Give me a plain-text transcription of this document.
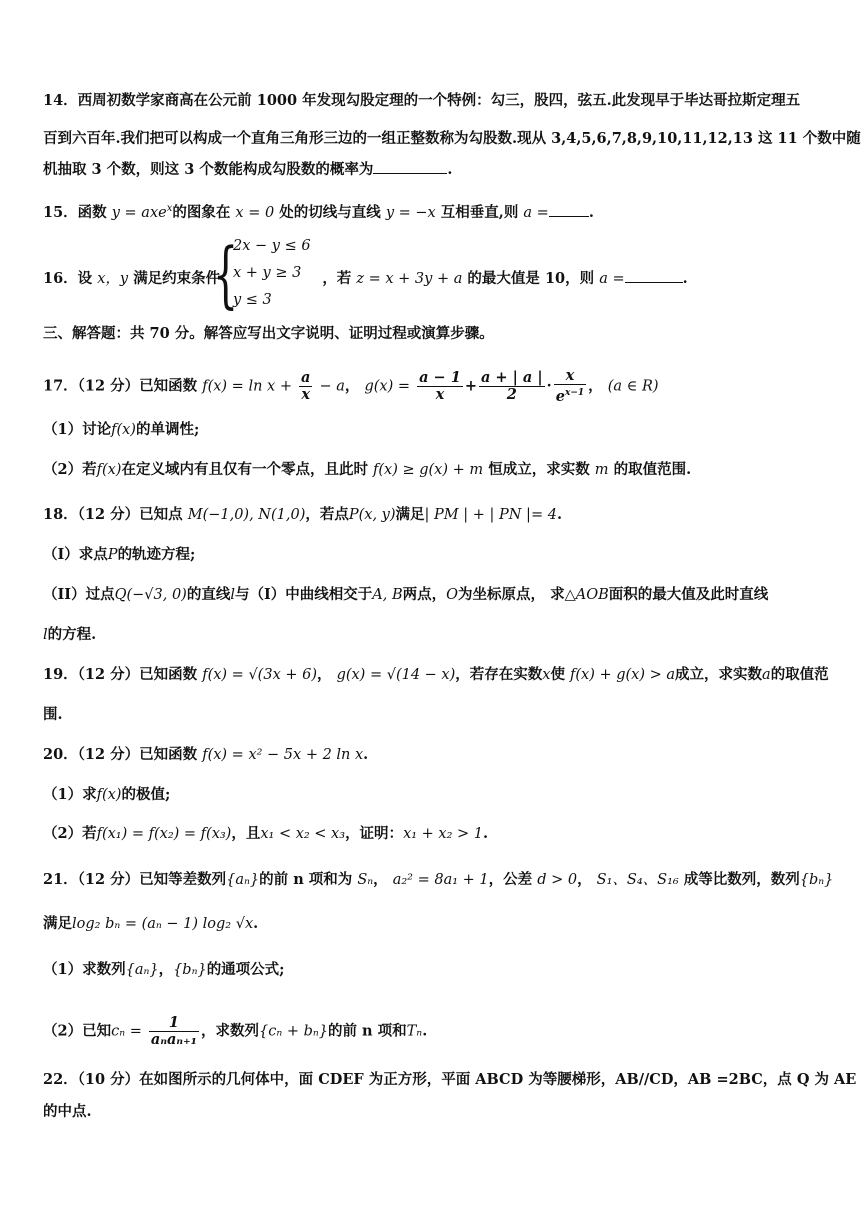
14．西周初数学家商高在公元前 1000 年发现勾股定理的一个特例：勾三，股四，弦五.此发现早于毕达哥拉斯定理五
百到六百年.我们把可以构成一个直角三角形三边的一组正整数称为勾股数.现从 3,4,5,6,7,8,9,10,11,12,13 这 11 个数中随
机抽取 3 个数，则这 3 个数能构成勾股数的概率为	.
15．函数 y = axe$^x$的图象在 x = 0 处的切线与直线 y = −x 互相垂直,则 a =	.
16．设 x，y 满足约束条件	，若 z = x + 3y + a 的最大值是 10，则 a =	.
{
2x − y ≤ 6
x + y ≥ 3
y ≤ 3
三、解答题：共 70 分。解答应写出文字说明、证明过程或演算步骤。
17．（12 分）已知函数 $f(x) = \ln x + \frac{a}{x} - a$， $g(x) = \frac{a - 1}{x} + \frac{a + | a |}{2} \cdot \frac{x}{e^{x-1}}$ ， (a ∈ R)
（1）讨论f(x)的单调性;
（2）若f(x)在定义域内有且仅有一个零点，且此时 f(x) ≥ g(x) + m 恒成立，求实数 m 的取值范围.
18．（12 分）已知点 M(−1,0), N(1,0)，若点P(x, y)满足| PM | + | PN |= 4.
（I）求点P的轨迹方程;
（II）过点Q(−√3, 0)的直线l与（I）中曲线相交于A, B两点，O为坐标原点， 求△AOB面积的最大值及此时直线
l的方程.
19．（12 分）已知函数 f(x) = √(3x + 6)， g(x) = √(14 − x)，若存在实数x使 f(x) + g(x) > a成立，求实数a的取值范
围.
20．（12 分）已知函数 f(x) = x² − 5x + 2 ln x.
（1）求f(x)的极值;
（2）若f(x₁) = f(x₂) = f(x₃)，且x₁ < x₂ < x₃，证明：x₁ + x₂ > 1.
21．（12 分）已知等差数列{aₙ}的前 n 项和为 Sₙ， a₂² = 8a₁ + 1，公差 d > 0， S₁、S₄、S₁₆ 成等比数列，数列{bₙ}
满足log₂ bₙ = (aₙ − 1) log₂ √x.
（1）求数列{aₙ}，{bₙ}的通项公式;
（2）已知$c_n = \frac{1}{\text{aₙaₙ₊₁}}$ ，求数列{cₙ + bₙ}的前 n 项和Tₙ.
22．（10 分）在如图所示的几何体中，面 CDEF 为正方形，平面 ABCD 为等腰梯形，AB//CD，AB =2BC，点 Q 为 AE
的中点.
